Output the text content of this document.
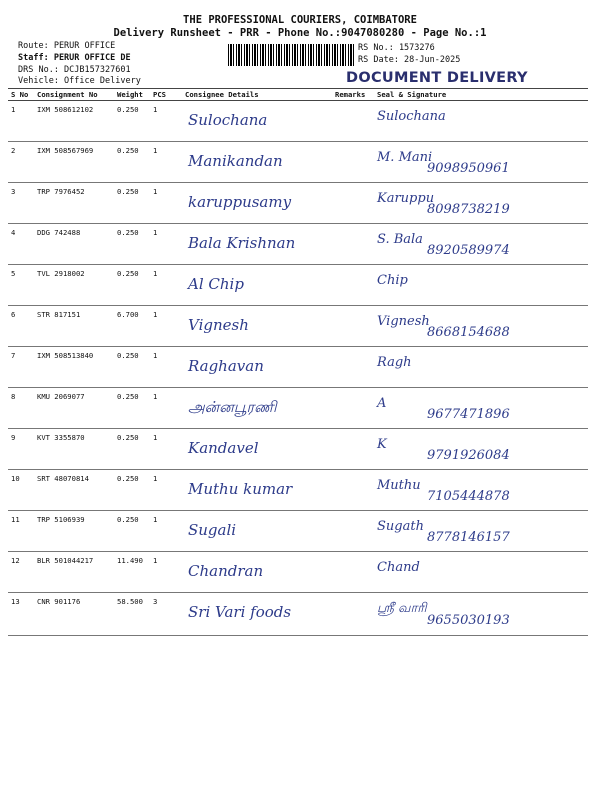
THE PROFESSIONAL COURIERS, COIMBATORE
Delivery Runsheet - PRR - Phone No.:9047080280 - Page No.:1
Route: PERUR OFFICE
Staff: PERUR OFFICE DE
DRS No.: DCJB157327601
Vehicle: Office Delivery
RS No.: 1573276
RS Date: 28-Jun-2025
DOCUMENT DELIVERY
S No	Consignment No	Weight	PCS	Consignee Details	Remarks	Seal & Signature
1	IXM 508612102	0.250	1	Sulochana		Sulochana

2	IXM 508567969	0.250	1	Manikandan		M. Mani
9098950961

3	TRP 7976452	0.250	1	karuppusamy		Karuppu
8098738219

4	DDG 742488	0.250	1	Bala Krishnan		S. Bala
8920589974

5	TVL 2918002	0.250	1	Al Chip		Chip

6	STR 817151	6.700	1	Vignesh		Vignesh
8668154688

7	IXM 508513840	0.250	1	Raghavan		Ragh

8	KMU 2069077	0.250	1	அன்னபூரணி		A
9677471896

9	KVT 3355870	0.250	1	Kandavel		K
9791926084

10	SRT 48070814	0.250	1	Muthu kumar		Muthu
7105444878

11	TRP 5106939	0.250	1	Sugali		Sugath
8778146157

12	BLR 501044217	11.490	1	Chandran		Chand

13	CNR 901176	58.500	3	Sri Vari foods		ஸ்ரீ வாரி
9655030193
